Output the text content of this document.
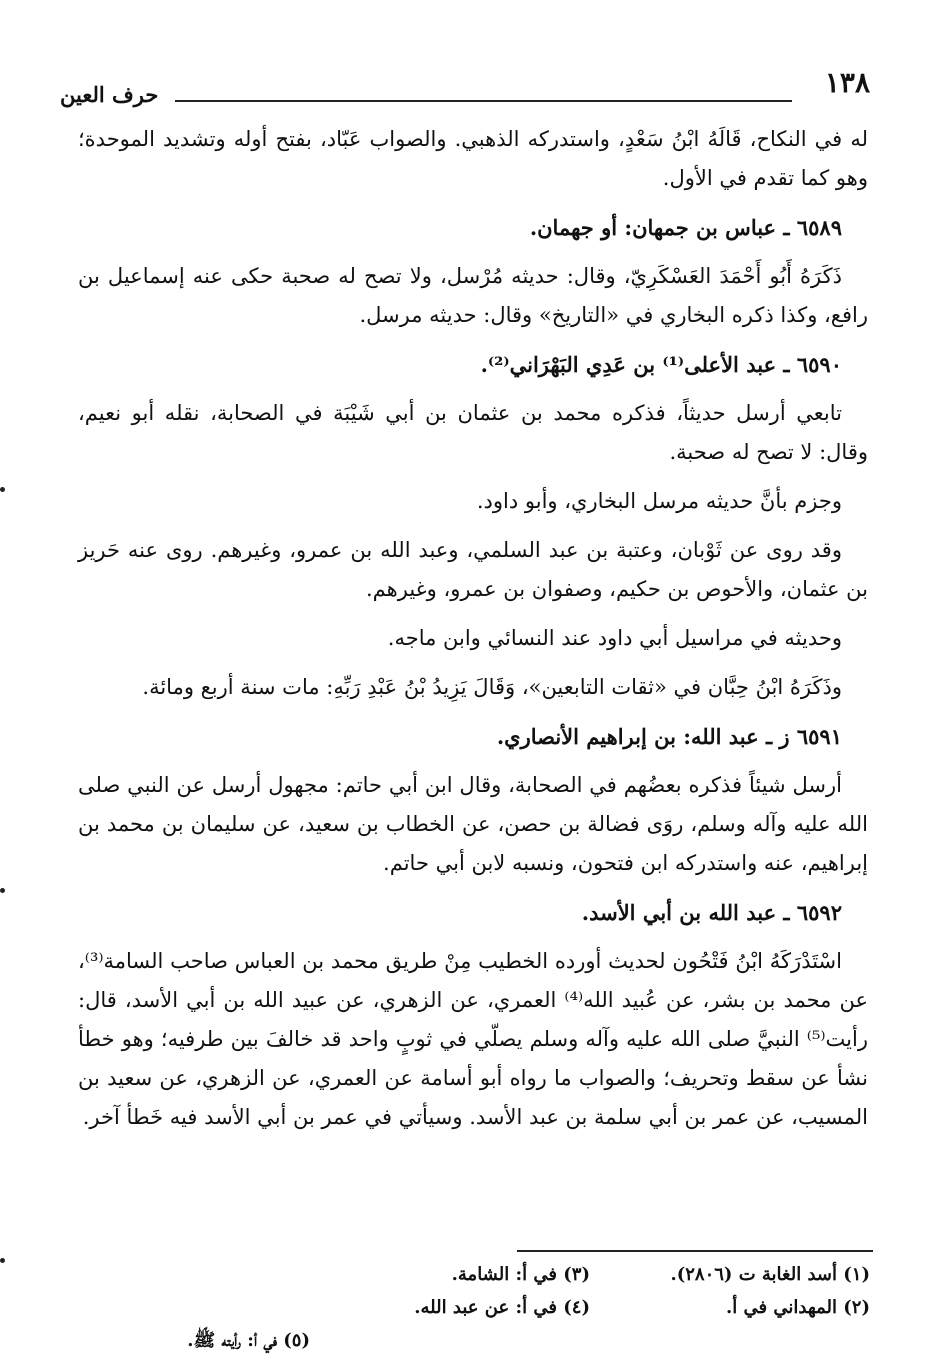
١٣٨
حرف العين

له في النكاح، قَالَهُ ابْنُ سَعْدٍ، واستدركه الذهبي. والصواب عَبّاد، بفتح أوله وتشديد الموحدة؛ وهو كما تقدم في الأول.

٦٥٨٩ ـ عباس بن جمهان: أو جهمان.

ذَكَرَهُ أَبُو أَحْمَدَ العَسْكَرِيّ، وقال: حديثه مُرْسل، ولا تصح له صحبة حكى عنه إسماعيل بن رافع، وكذا ذكره البخاري في «التاريخ» وقال: حديثه مرسل.

٦٥٩٠ ـ عبد الأعلى⁽¹⁾ بن عَدِي البَهْرَاني⁽²⁾.

تابعي أرسل حديثاً، فذكره محمد بن عثمان بن أبي شَيْبَة في الصحابة، نقله أبو نعيم، وقال: لا تصح له صحبة.

وجزم بأنَّ حديثه مرسل البخاري، وأبو داود.

وقد روى عن ثَوْبان، وعتبة بن عبد السلمي، وعبد الله بن عمرو، وغيرهم. روى عنه حَريز بن عثمان، والأحوص بن حكيم، وصفوان بن عمرو، وغيرهم.

وحديثه في مراسيل أبي داود عند النسائي وابن ماجه.

وذَكَرَهُ ابْنُ حِبَّان في «ثقات التابعين»، وَقَالَ يَزِيدُ بْنُ عَبْدِ رَبِّهِ: مات سنة أربع ومائة.

٦٥٩١ ز ـ عبد الله: بن إبراهيم الأنصاري.

أرسل شيئاً فذكره بعضُهم في الصحابة، وقال ابن أبي حاتم: مجهول أرسل عن النبي صلى الله عليه وآله وسلم، روَى فضالة بن حصن، عن الخطاب بن سعيد، عن سليمان بن محمد بن إبراهيم، عنه واستدركه ابن فتحون، ونسبه لابن أبي حاتم.

٦٥٩٢ ـ عبد الله بن أبي الأسد.

اسْتَدْرَكَهُ ابْنُ فَتْحُون لحديث أورده الخطيب مِنْ طريق محمد بن العباس صاحب السامة⁽³⁾، عن محمد بن بشر، عن عُبيد الله⁽⁴⁾ العمري، عن الزهري، عن عبيد الله بن أبي الأسد، قال: رأيت⁽⁵⁾ النبيَّ صلى الله عليه وآله وسلم يصلّي في ثوبٍ واحد قد خالفَ بين طرفيه؛ وهو خطأ نشأ عن سقط وتحريف؛ والصواب ما رواه أبو أسامة عن العمري، عن الزهري، عن سعيد بن المسيب، عن عمر بن أبي سلمة بن عبد الأسد. وسيأتي في عمر بن أبي الأسد فيه خَطأ آخر.

(١) أسد الغابة ت (٢٨٠٦).
(٣) في أ: الشامة.
(٢) المهداني في أ.
(٤) في أ: عن عبد الله.
(٥) في أ: رأيته ﷺ.
